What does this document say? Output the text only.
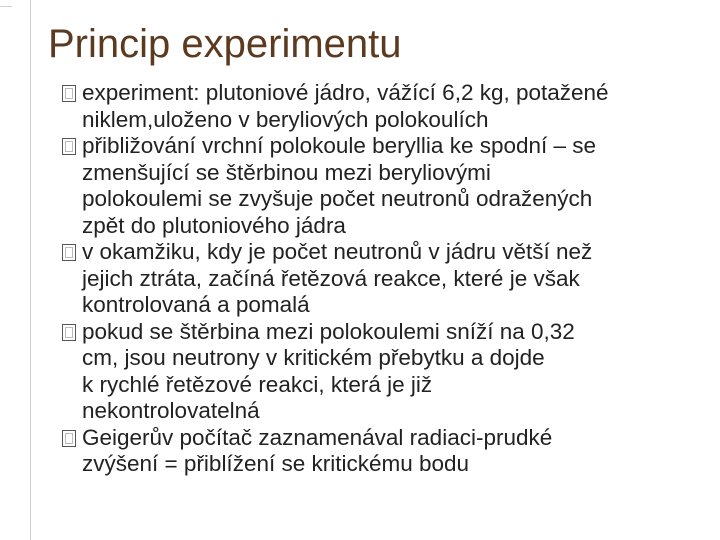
Princip experimentu
experiment: plutoniové jádro, vážící 6,2 kg, potažené
niklem,uloženo v beryliových polokoulích
přibližování vrchní polokoule beryllia ke spodní – se
zmenšující se štěrbinou mezi beryliovými
polokoulemi se zvyšuje počet neutronů odražených
zpět do plutoniového jádra
v okamžiku, kdy je počet neutronů v jádru větší než
jejich ztráta, začíná řetězová reakce, které je však
kontrolovaná a pomalá
pokud se štěrbina mezi polokoulemi sníží na 0,32
cm, jsou neutrony v kritickém přebytku a dojde
k rychlé řetězové reakci, která je již
nekontrolovatelná
Geigerův počítač zaznamenával radiaci-prudké
zvýšení = přiblížení se kritickému bodu
